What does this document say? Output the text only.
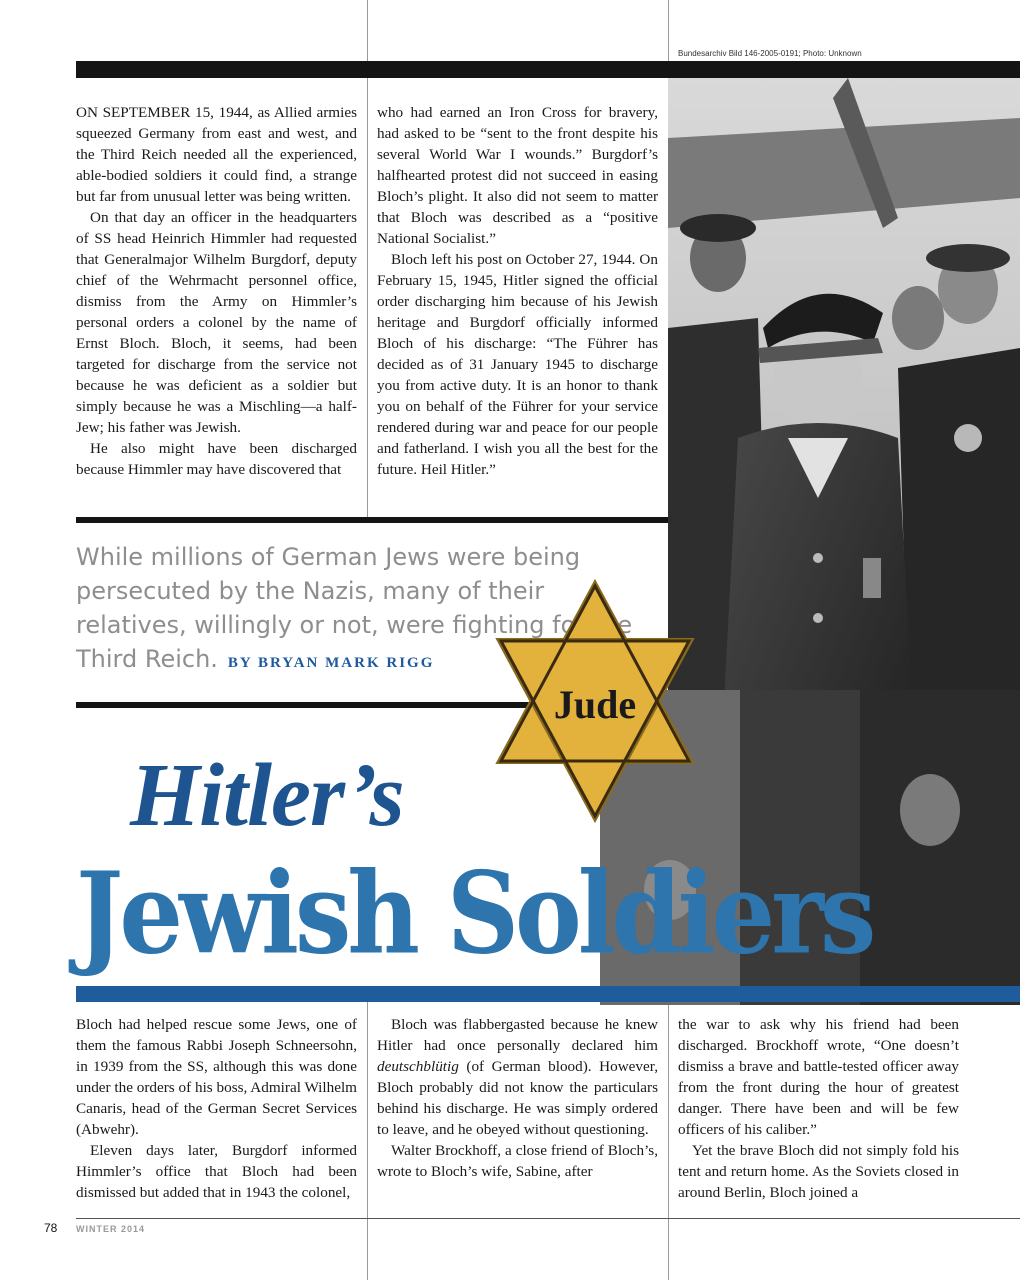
Bundesarchiv Bild 146-2005-0191; Photo: Unknown

ON SEPTEMBER 15, 1944, as Allied armies squeezed Germany from east and west, and the Third Reich needed all the experienced, able-bodied soldiers it could find, a strange but far from unusual letter was being written.

On that day an officer in the headquarters of SS head Heinrich Himmler had requested that Generalmajor Wilhelm Burgdorf, deputy chief of the Wehrmacht personnel office, dismiss from the Army on Himmler’s personal orders a colonel by the name of Ernst Bloch. Bloch, it seems, had been targeted for discharge from the service not because he was deficient as a soldier but simply because he was a Mischling—a half-Jew; his father was Jewish.

He also might have been discharged because Himmler may have discovered that

who had earned an Iron Cross for bravery, had asked to be “sent to the front despite his several World War I wounds.” Burgdorf’s halfhearted protest did not succeed in easing Bloch’s plight. It also did not seem to matter that Bloch was described as a “positive National Socialist.”

Bloch left his post on October 27, 1944. On February 15, 1945, Hitler signed the official order discharging him because of his Jewish heritage and Burgdorf officially informed Bloch of his discharge: “The Führer has decided as of 31 January 1945 to discharge you from active duty. It is an honor to thank you on behalf of the Führer for your service rendered during war and peace for our people and fatherland. I wish you all the best for the future. Heil Hitler.”

While millions of German Jews were being persecuted by the Nazis, many of their relatives, willingly or not, were fighting for the Third Reich. BY BRYAN MARK RIGG

Jude
Hitler’s
Jewish Soldiers

Bloch had helped rescue some Jews, one of them the famous Rabbi Joseph Schneersohn, in 1939 from the SS, although this was done under the orders of his boss, Admiral Wilhelm Canaris, head of the German Secret Services (Abwehr).

Eleven days later, Burgdorf informed Himmler’s office that Bloch had been dismissed but added that in 1943 the colonel,

Bloch was flabbergasted because he knew Hitler had once personally declared him deutschblütig (of German blood). However, Bloch probably did not know the particulars behind his discharge. He was simply ordered to leave, and he obeyed without questioning.

Walter Brockhoff, a close friend of Bloch’s, wrote to Bloch’s wife, Sabine, after

the war to ask why his friend had been discharged. Brockhoff wrote, “One doesn’t dismiss a brave and battle-tested officer away from the front during the hour of greatest danger. There have been and will be few officers of his caliber.”

Yet the brave Bloch did not simply fold his tent and return home. As the Soviets closed in around Berlin, Bloch joined a

78 WINTER 2014
